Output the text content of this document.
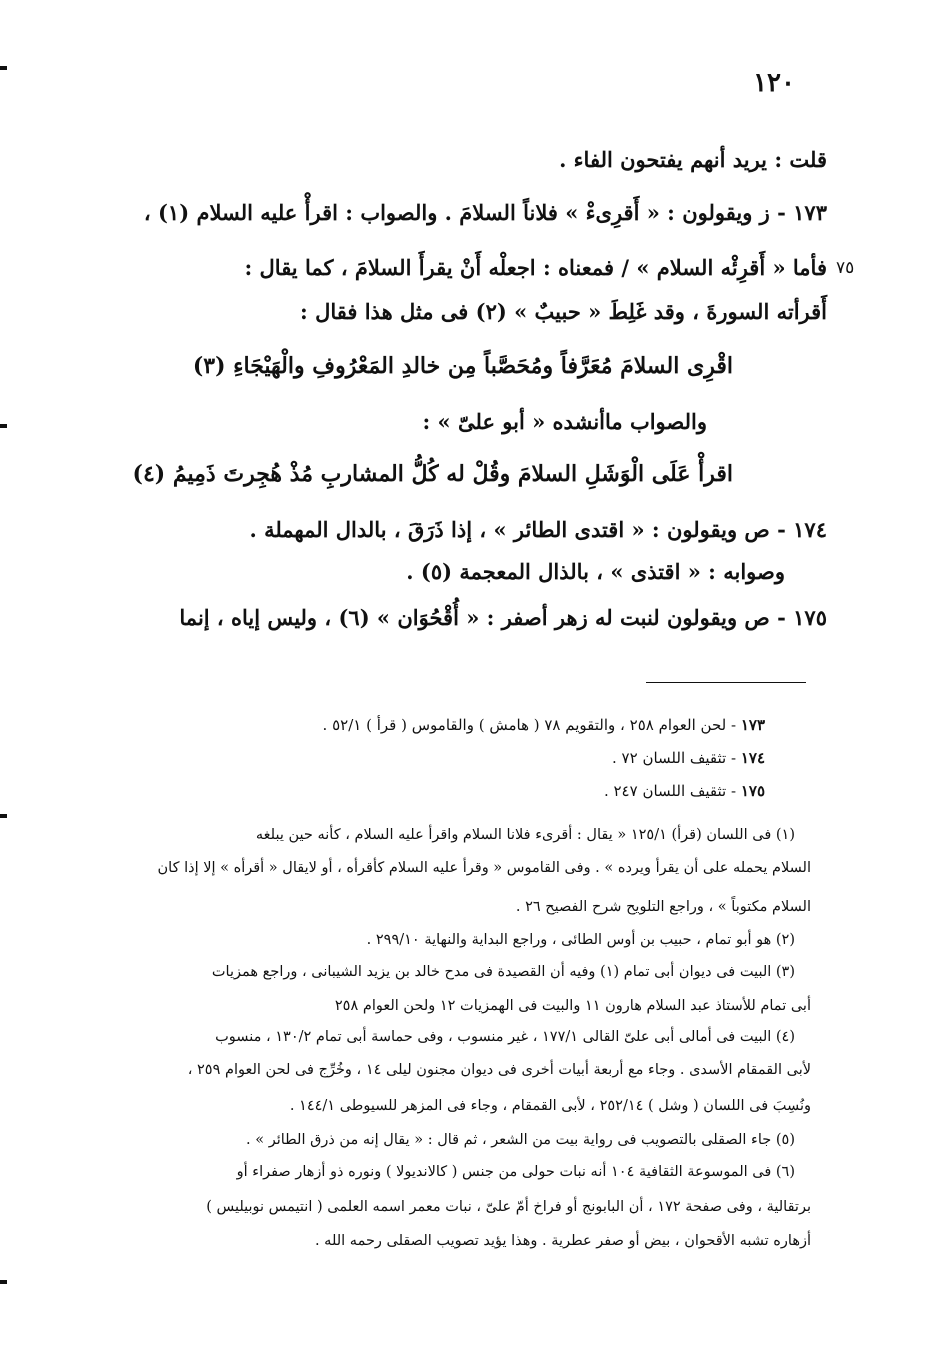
١٢٠
٧٥
قلت : يريد أنهم يفتحون الفاء .
١٧٣ - ز ويقولون : « أَقرِىءْ » فلاناً السلامَ . والصواب : اقرأْ عليه السلام (١) ،
فأما « أَقرِئْه السلام » / فمعناه : اجعلْه أَنْ يقرأَ السلامَ ، كما يقال :
أَقرأته السورةَ ، وقد غَلِطَ « حبيبٌ » (٢) فى مثل هذا فقال :
اقْرِى السلامَ مُعَرَّفاً ومُحَصَّباً مِن خالدِ المَعْرُوفِ والْهَيْجَاءِ (٣)
والصواب ماأنشده « أبو علىّ » :
اقرأْ عَلَى الْوَشَلِ السلامَ وقُلْ له كُلُّ المشاربِ مُذْ هُجِرتَ ذَمِيمُ (٤)
١٧٤ - ص ويقولون : « اقتدى الطائر » ، إذا ذَرَقَ ، بالدال المهملة .
وصوابه : « اقتذى » ، بالذال المعجمة (٥) .
١٧٥ - ص ويقولون لنبت له زهر أصفر : « أُقْحُوَان » (٦) ، وليس إياه ، إنما
١٧٣ - لحن العوام ٢٥٨ ، والتقويم ٧٨ ( هامش ) والقاموس ( قرأ ) ٥٢/١ .
١٧٤ - تثقيف اللسان ٧٢ .
١٧٥ - تثقيف اللسان ٢٤٧ .
(١) فى اللسان (قرأ) ١٢٥/١ « يقال : أقرىء فلانا السلام واقرأ عليه السلام ، كأنه حين يبلغه
السلام يحمله على أن يقرأ ويرده » . وفى القاموس « وقرأ عليه السلام كأقرأه ، أو لايقال « أقرأه » إلا إذا كان
السلام مكتوباً » ، وراجع التلويح شرح الفصيح ٢٦ .
(٢) هو أبو تمام ، حبيب بن أوس الطائى ، وراجع البداية والنهاية ٢٩٩/١٠ .
(٣) البيت فى ديوان أبى تمام (١) وفيه أن القصيدة فى مدح خالد بن يزيد الشيبانى ، وراجع همزيات
أبى تمام للأستاذ عبد السلام هارون ١١ والبيت فى الهمزيات ١٢ ولحن العوام ٢٥٨
(٤) البيت فى أمالى أبى علىّ القالى ١٧٧/١ ، غير منسوب ، وفى حماسة أبى تمام ١٣٠/٢ ، منسوب
لأبى القمقام الأسدى . وجاء مع أربعة أبيات أخرى فى ديوان مجنون ليلى ١٤ ، وخُرِّج فى لحن العوام ٢٥٩ ،
ونُسِبَ فى اللسان ( وشل ) ٢٥٢/١٤ ، لأبى القمقام ، وجاء فى المزهر للسيوطى ١٤٤/١ .
(٥) جاء الصقلى بالتصويب فى رواية بيت من الشعر ، ثم قال : « يقال إنه من ذرق الطائر » .
(٦) فى الموسوعة الثقافية ١٠٤ أنه نبات حولى من جنس ( كالانديولا ) ونوره ذو أزهار صفراء أو
برتقالية ، وفى صفحة ١٧٢ ، أن البابونج أو فراخ أمّ علىّ ، نبات معمر اسمه العلمى ( انتيمس نوبيليس )
أزهاره تشبه الأقحوان ، بيض أو صفر عطرية . وهذا يؤيد تصويب الصقلى رحمه الله .
